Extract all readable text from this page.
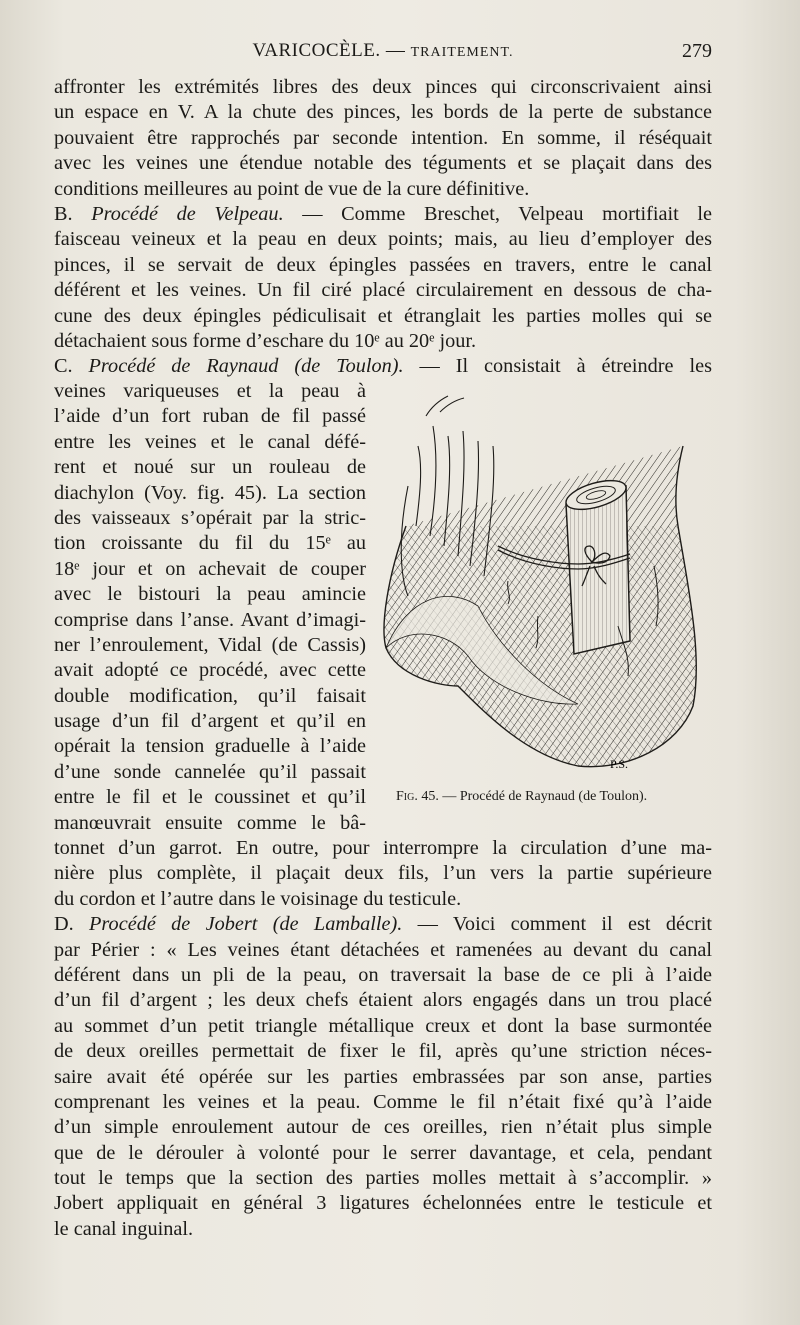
VARICOCÈLE. — TRAITEMENT.	279
affronter les extrémités libres des deux pinces qui circonscrivaient ainsi
un espace en V. A la chute des pinces, les bords de la perte de substance
pouvaient être rapprochés par seconde intention. En somme, il réséquait
avec les veines une étendue notable des téguments et se plaçait dans des
conditions meilleures au point de vue de la cure définitive.
B. Procédé de Velpeau. — Comme Breschet, Velpeau mortifiait le
faisceau veineux et la peau en deux points; mais, au lieu d’employer des
pinces, il se servait de deux épingles passées en travers, entre le canal
déférent et les veines. Un fil ciré placé circulairement en dessous de cha-
cune des deux épingles pédiculisait et étranglait les parties molles qui se
détachaient sous forme d’eschare du 10ᵉ au 20ᵉ jour.
C. Procédé de Raynaud (de Toulon). — Il consistait à étreindre les
veines variqueuses et la peau à
l’aide d’un fort ruban de fil passé
entre les veines et le canal défé-
rent et noué sur un rouleau de
diachylon (Voy. fig. 45). La section
des vaisseaux s’opérait par la stric-
tion croissante du fil du 15ᵉ au
18ᵉ jour et on achevait de couper
avec le bistouri la peau amincie
comprise dans l’anse. Avant d’imagi-
ner l’enroulement, Vidal (de Cassis)
avait adopté ce procédé, avec cette
double modification, qu’il faisait
usage d’un fil d’argent et qu’il en
opérait la tension graduelle à l’aide
d’une sonde cannelée qu’il passait
entre le fil et le coussinet et qu’il
manœuvrait ensuite comme le bâ-
P.S.
Fig. 45. — Procédé de Raynaud (de Toulon).
tonnet d’un garrot. En outre, pour interrompre la circulation d’une ma-
nière plus complète, il plaçait deux fils, l’un vers la partie supérieure
du cordon et l’autre dans le voisinage du testicule.
D. Procédé de Jobert (de Lamballe). — Voici comment il est décrit
par Périer : « Les veines étant détachées et ramenées au devant du canal
déférent dans un pli de la peau, on traversait la base de ce pli à l’aide
d’un fil d’argent ; les deux chefs étaient alors engagés dans un trou placé
au sommet d’un petit triangle métallique creux et dont la base surmontée
de deux oreilles permettait de fixer le fil, après qu’une striction néces-
saire avait été opérée sur les parties embrassées par son anse, parties
comprenant les veines et la peau. Comme le fil n’était fixé qu’à l’aide
d’un simple enroulement autour de ces oreilles, rien n’était plus simple
que de le dérouler à volonté pour le serrer davantage, et cela, pendant
tout le temps que la section des parties molles mettait à s’accomplir. »
Jobert appliquait en général 3 ligatures échelonnées entre le testicule et
le canal inguinal.
